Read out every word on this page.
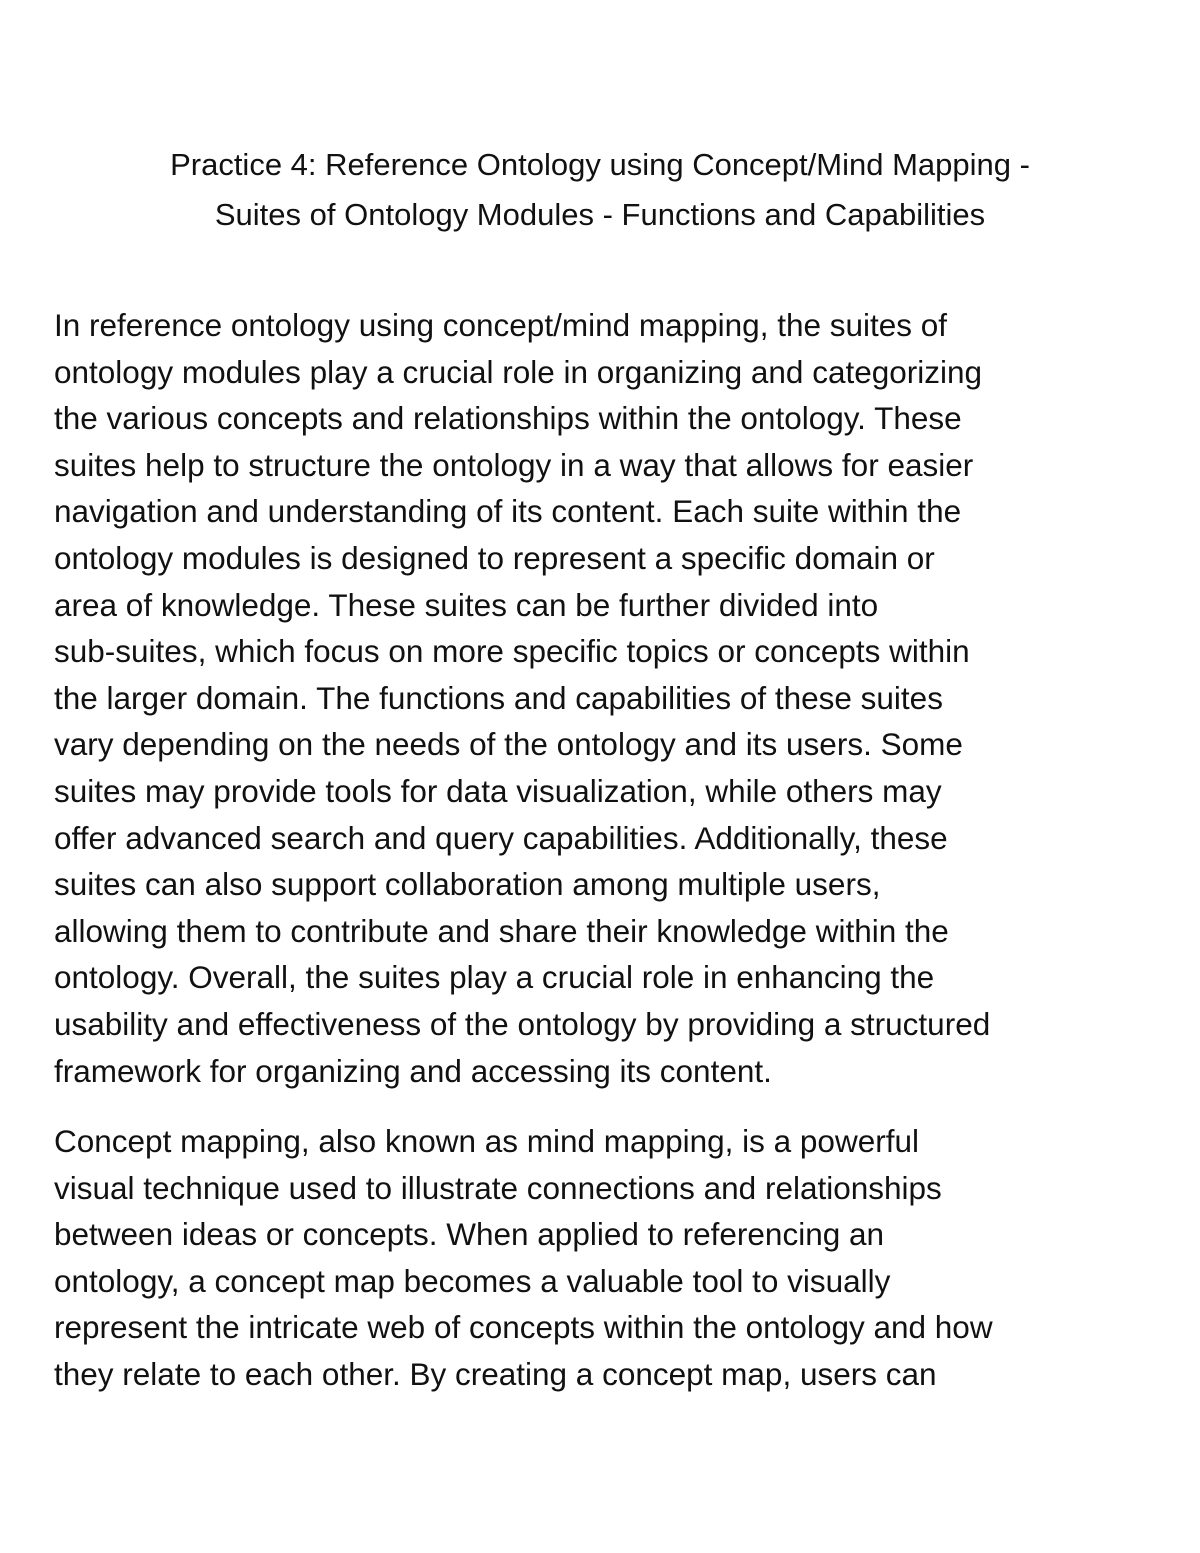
Practice 4: Reference Ontology using Concept/Mind Mapping -
Suites of Ontology Modules - Functions and Capabilities
In reference ontology using concept/mind mapping, the suites of
ontology modules play a crucial role in organizing and categorizing
the various concepts and relationships within the ontology. These
suites help to structure the ontology in a way that allows for easier
navigation and understanding of its content. Each suite within the
ontology modules is designed to represent a specific domain or
area of knowledge. These suites can be further divided into
sub-suites, which focus on more specific topics or concepts within
the larger domain. The functions and capabilities of these suites
vary depending on the needs of the ontology and its users. Some
suites may provide tools for data visualization, while others may
offer advanced search and query capabilities. Additionally, these
suites can also support collaboration among multiple users,
allowing them to contribute and share their knowledge within the
ontology. Overall, the suites play a crucial role in enhancing the
usability and effectiveness of the ontology by providing a structured
framework for organizing and accessing its content.
Concept mapping, also known as mind mapping, is a powerful
visual technique used to illustrate connections and relationships
between ideas or concepts. When applied to referencing an
ontology, a concept map becomes a valuable tool to visually
represent the intricate web of concepts within the ontology and how
they relate to each other. By creating a concept map, users can
